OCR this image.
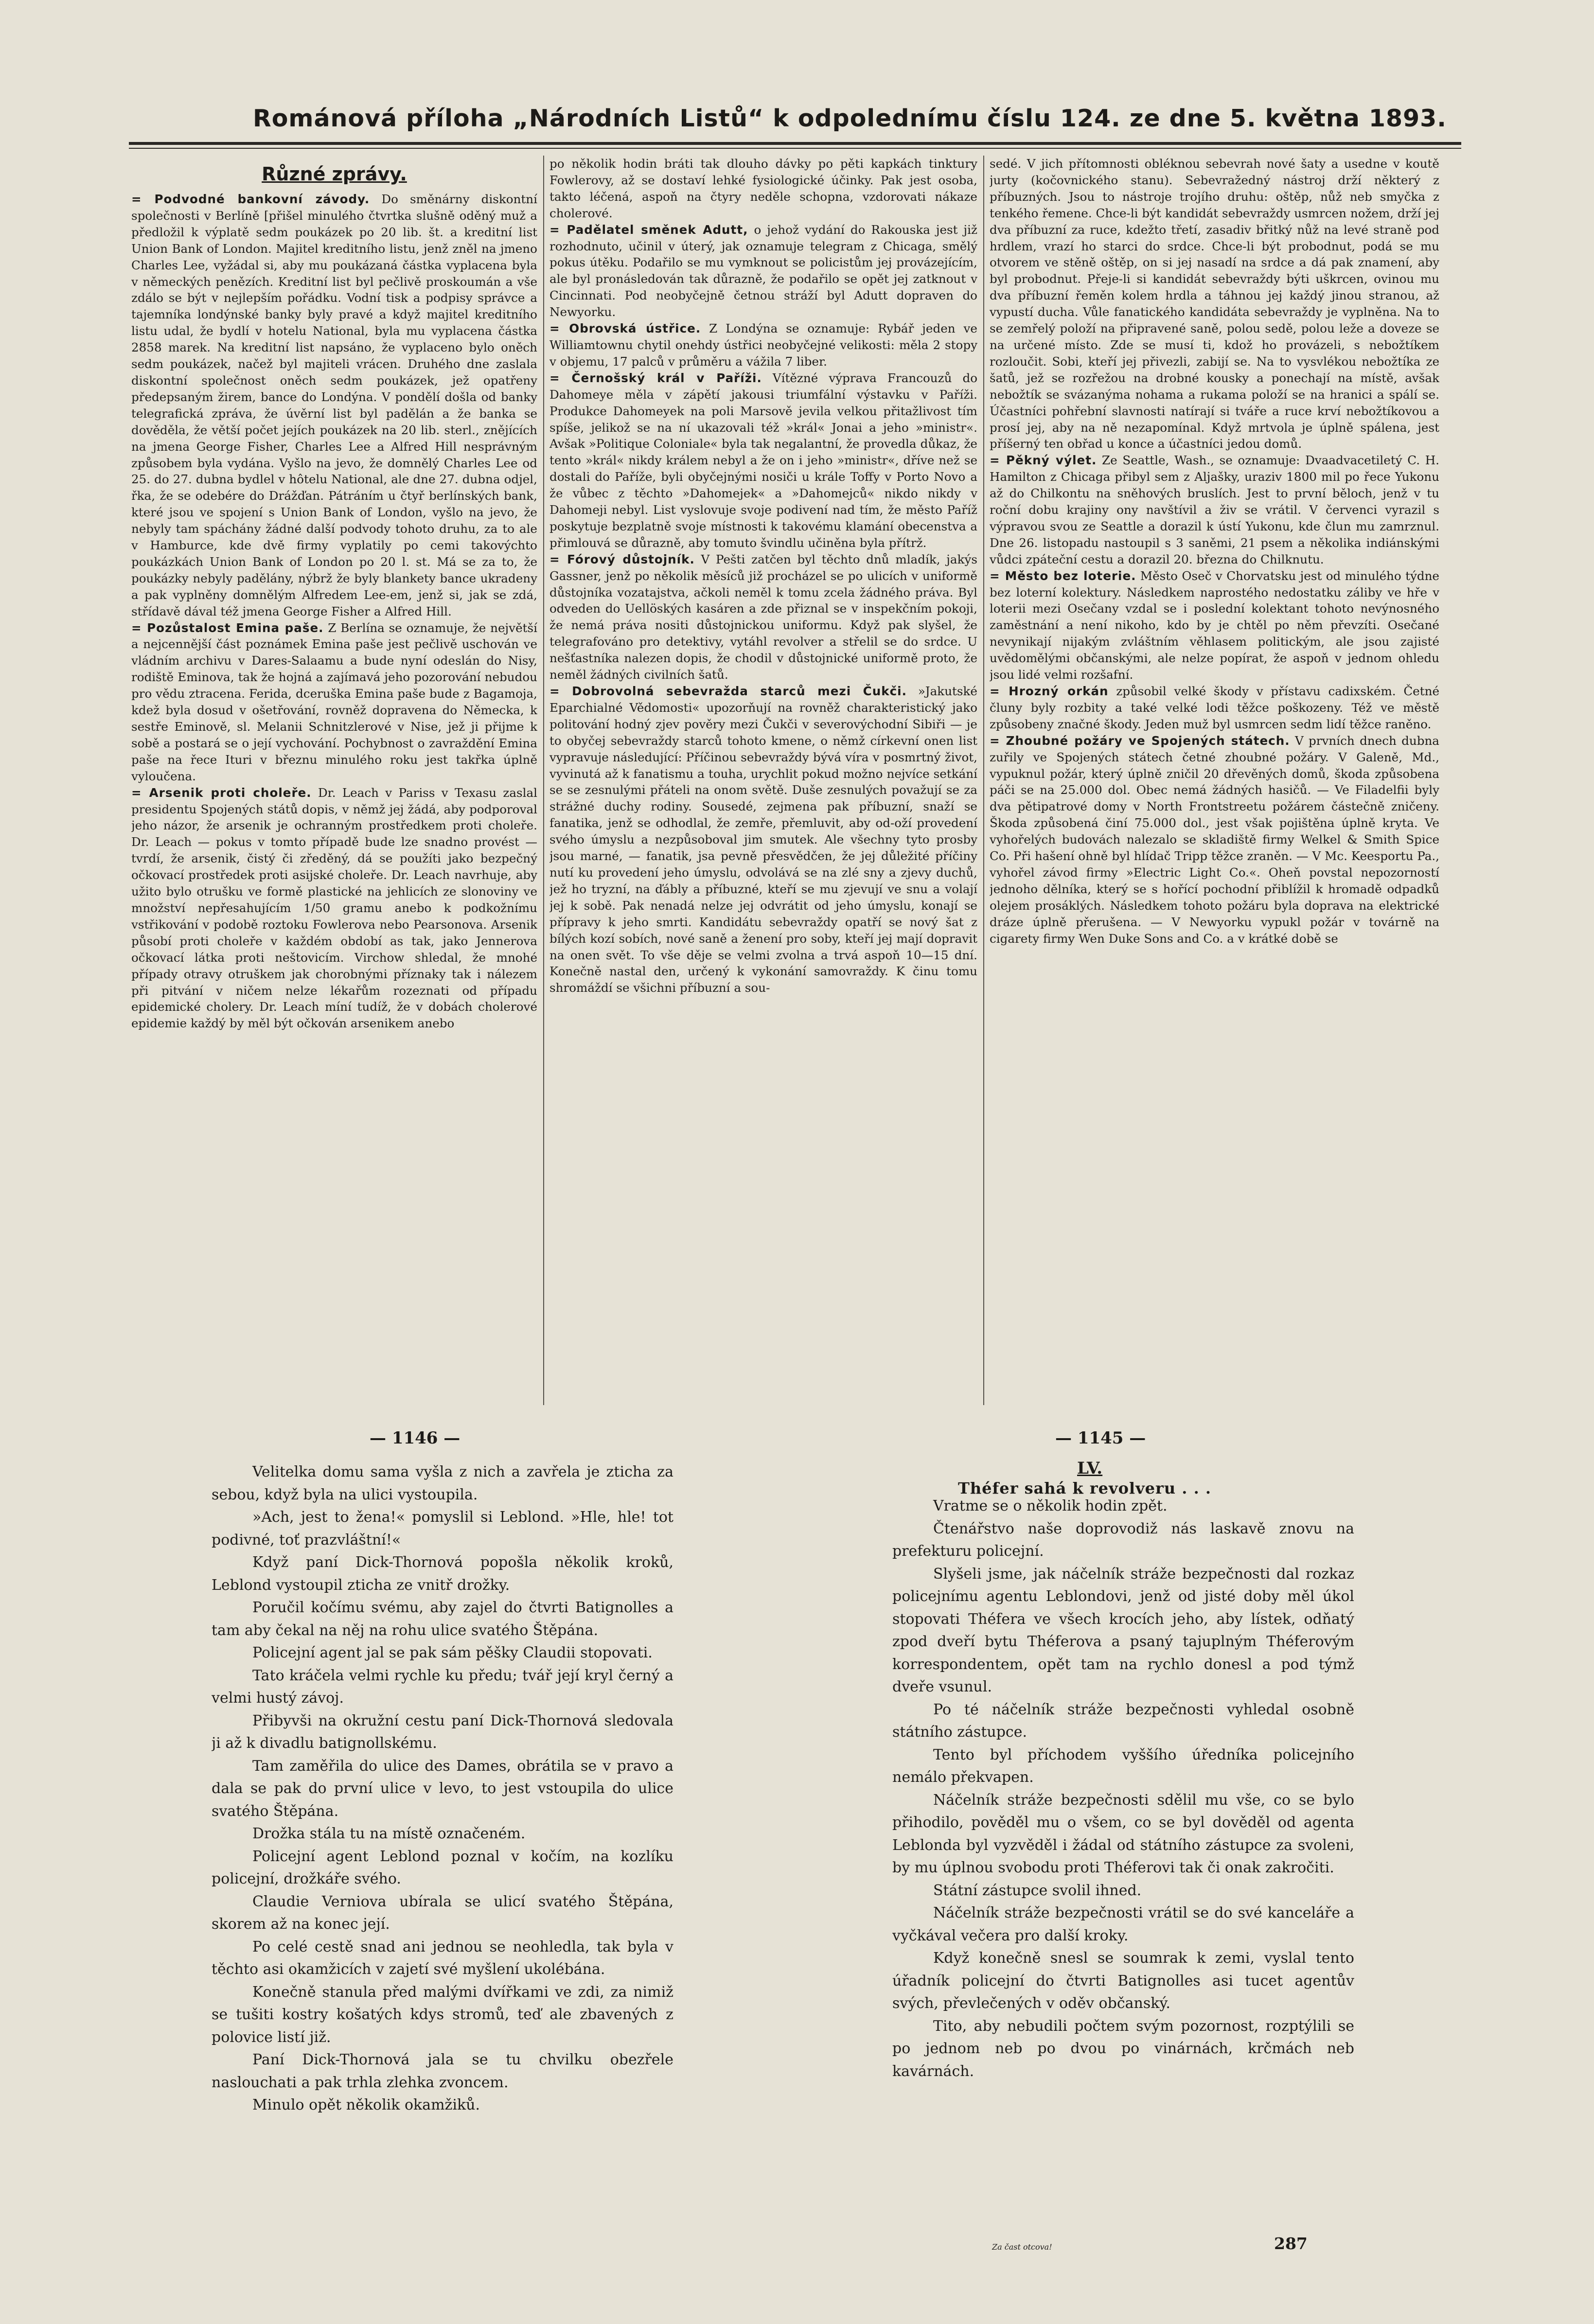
Románová příloha „Národních Listů“ k odpolednímu číslu 124. ze dne 5. května 1893.
Různé zprávy.

= Podvodné bankovní závody. Do směnárny diskontní společnosti v Berlíně [přišel minulého čtvrtka slušně oděný muž a předložil k výplatě sedm poukázek po 20 lib. št. a kreditní list Union Bank of London. Majitel kreditního listu, jenž zněl na jmeno Charles Lee, vyžádal si, aby mu poukázaná částka vyplacena byla v německých penězích. Kreditní list byl pečlivě proskoumán a vše zdálo se být v nejlepším pořádku. Vodní tisk a podpisy správce a tajemníka londýnské banky byly pravé a když majitel kreditního listu udal, že bydlí v hotelu National, byla mu vyplacena částka 2858 marek. Na kreditní list napsáno, že vyplaceno bylo oněch sedm poukázek, načež byl majiteli vrácen. Druhého dne zaslala diskontní společnost oněch sedm poukázek, jež opatřeny předepsaným žirem, bance do Londýna. V pondělí došla od banky telegrafická zpráva, že úvěrní list byl padělán a že banka se dověděla, že větší počet jejích poukázek na 20 lib. sterl., znějících na jmena George Fisher, Charles Lee a Alfred Hill nesprávným způsobem byla vydána. Vyšlo na jevo, že domnělý Charles Lee od 25. do 27. dubna bydlel v hôtelu National, ale dne 27. dubna odjel, řka, že se odebére do Drážďan. Pátráním u čtyř berlínských bank, které jsou ve spojení s Union Bank of London, vyšlo na jevo, že nebyly tam spáchány žádné další podvody tohoto druhu, za to ale v Hamburce, kde dvě firmy vyplatily po cemi takovýchto poukázkách Union Bank of London po 20 l. st. Má se za to, že poukázky nebyly padělány, nýbrž že byly blankety bance ukradeny a pak vyplněny domnělým Alfredem Lee-em, jenž si, jak se zdá, střídavě dával též jmena George Fisher a Alfred Hill.

= Pozůstalost Emina paše. Z Berlína se oznamuje, že největší a nejcennější část poznámek Emina paše jest pečlivě uschován ve vládním archivu v Dares-Salaamu a bude nyní odeslán do Nisy, rodiště Eminova, tak že hojná a zajímavá jeho pozorování nebudou pro vědu ztracena. Ferida, dceruška Emina paše bude z Bagamoja, kdež byla dosud v ošetřování, rovněž dopravena do Německa, k sestře Eminově, sl. Melanii Schnitzlerové v Nise, jež ji přijme k sobě a postará se o její vychování. Pochybnost o zavraždění Emina paše na řece Ituri v březnu minulého roku jest takřka úplně vyloučena.

= Arsenik proti choleře. Dr. Leach v Pariss v Texasu zaslal presidentu Spojených států dopis, v němž jej žádá, aby podporoval jeho názor, že arsenik je ochranným prostředkem proti choleře. Dr. Leach — pokus v tomto případě bude lze snadno provést — tvrdí, že arsenik, čistý či zředěný, dá se použíti jako bezpečný očkovací prostředek proti asijské choleře. Dr. Leach navrhuje, aby užito bylo otrušku ve formě plastické na jehlicích ze slonoviny ve množství nepřesahujícím 1/50 gramu anebo k podkožnímu vstřikování v podobě roztoku Fowlerova nebo Pearsonova. Arsenik působí proti choleře v každém období as tak, jako Jennerova očkovací látka proti neštovicím. Virchow shledal, že mnohé případy otravy otruškem jak chorobnými příznaky tak i nálezem při pitvání v ničem nelze lékařům rozeznati od případu epidemické cholery. Dr. Leach míní tudíž, že v dobách cholerové epidemie každý by měl být očkován arsenikem anebo

po několik hodin bráti tak dlouho dávky po pěti kapkách tinktury Fowlerovy, až se dostaví lehké fysiologické účinky. Pak jest osoba, takto léčená, aspoň na čtyry neděle schopna, vzdorovati nákaze cholerové.

= Padělatel směnek Adutt, o jehož vydání do Rakouska jest již rozhodnuto, učinil v úterý, jak oznamuje telegram z Chicaga, smělý pokus útěku. Podařilo se mu vymknout se policistům jej provázejícím, ale byl pronásledován tak důrazně, že podařilo se opět jej zatknout v Cincinnati. Pod neobyčejně četnou stráží byl Adutt dopraven do Newyorku.

= Obrovská ústřice. Z Londýna se oznamuje: Rybář jeden ve Williamtownu chytil onehdy ústřici neobyčejné velikosti: měla 2 stopy v objemu, 17 palců v průměru a vážila 7 liber.

= Černošský král v Paříži. Vítězné výprava Francouzů do Dahomeye měla v zápětí jakousi triumfální výstavku v Paříži. Produkce Dahomeyek na poli Marsově jevila velkou přitažlivost tím spíše, jelikož se na ní ukazovali též »král« Jonai a jeho »ministr«. Avšak »Politique Coloniale« byla tak negalantní, že provedla důkaz, že tento »král« nikdy králem nebyl a že on i jeho »ministr«, dříve než se dostali do Paříže, byli obyčejnými nosiči u krále Toffy v Porto Novo a že vůbec z těchto »Dahomejek« a »Dahomejců« nikdo nikdy v Dahomeji nebyl. List vyslovuje svoje podivení nad tím, že město Paříž poskytuje bezplatně svoje místnosti k takovému klamání obecenstva a přimlouvá se důrazně, aby tomuto švindlu učiněna byla přítrž.

= Fórový důstojník. V Pešti zatčen byl těchto dnů mladík, jakýs Gassner, jenž po několik měsíců již procházel se po ulicích v uniformě důstojníka vozatajstva, ačkoli neměl k tomu zcela žádného práva. Byl odveden do Uellöských kasáren a zde přiznal se v inspekčním pokoji, že nemá práva nositi důstojnickou uniformu. Když pak slyšel, že telegrafováno pro detektivy, vytáhl revolver a střelil se do srdce. U nešťastníka nalezen dopis, že chodil v důstojnické uniformě proto, že neměl žádných civilních šatů.

= Dobrovolná sebevražda starců mezi Čukči. »Jakutské Eparchialné Vědomosti« upozorňují na rovněž charakteristický jako politování hodný zjev pověry mezi Čukči v severovýchodní Sibiři — je to obyčej sebevraždy starců tohoto kmene, o němž církevní onen list vypravuje následující: Příčinou sebevraždy bývá víra v posmrtný život, vyvinutá až k fanatismu a touha, urychlit pokud možno nejvíce setkání se se zesnulými přáteli na onom světě. Duše zesnulých považují se za strážné duchy rodiny. Sousedé, zejmena pak příbuzní, snaží se fanatika, jenž se odhodlal, že zemře, přemluvit, aby od-oží provedení svého úmyslu a nezpůsoboval jim smutek. Ale všechny tyto prosby jsou marné, — fanatik, jsa pevně přesvědčen, že jej důležité příčiny nutí ku provedení jeho úmyslu, odvolává se na zlé sny a zjevy duchů, jež ho tryzní, na ďábly a příbuzné, kteří se mu zjevují ve snu a volají jej k sobě. Pak nenadá nelze jej odvrátit od jeho úmyslu, konají se přípravy k jeho smrti. Kandidátu sebevraždy opatří se nový šat z bílých kozí sobích, nové saně a ženení pro soby, kteří jej mají dopravit na onen svět. To vše děje se velmi zvolna a trvá aspoň 10—15 dní. Konečně nastal den, určený k vykonání samovraždy. K činu tomu shromáždí se všichni příbuzní a sou-

sedé. V jich přítomnosti obléknou sebevrah nové šaty a usedne v koutě jurty (kočovnického stanu). Sebevražedný nástroj drží některý z příbuzných. Jsou to nástroje trojího druhu: oštěp, nůž neb smyčka z tenkého řemene. Chce-li být kandidát sebevraždy usmrcen nožem, drží jej dva příbuzní za ruce, kdežto třetí, zasadiv břitký nůž na levé straně pod hrdlem, vrazí ho starci do srdce. Chce-li být probodnut, podá se mu otvorem ve stěně oštěp, on si jej nasadí na srdce a dá pak znamení, aby byl probodnut. Přeje-li si kandidát sebevraždy býti uškrcen, ovinou mu dva příbuzní řeměn kolem hrdla a táhnou jej každý jinou stranou, až vypustí ducha. Vůle fanatického kandidáta sebevraždy je vyplněna. Na to se zemřelý položí na připravené saně, polou sedě, polou leže a doveze se na určené místo. Zde se musí ti, kdož ho provázeli, s nebožtíkem rozloučit. Sobi, kteří jej přivezli, zabijí se. Na to vysvlékou nebožtíka ze šatů, jež se rozřežou na drobné kousky a ponechají na místě, avšak nebožtík se svázanýma nohama a rukama položí se na hranici a spálí se. Účastníci pohřební slavnosti natírají si tváře a ruce krví nebožtíkovou a prosí jej, aby na ně nezapomínal. Když mrtvola je úplně spálena, jest příšerný ten obřad u konce a účastníci jedou domů.

= Pěkný výlet. Ze Seattle, Wash., se oznamuje: Dvaadvacetiletý C. H. Hamilton z Chicaga přibyl sem z Aljašky, uraziv 1800 mil po řece Yukonu až do Chilkontu na sněhových bruslích. Jest to první běloch, jenž v tu roční dobu krajiny ony navštívil a živ se vrátil. V červenci vyrazil s výpravou svou ze Seattle a dorazil k ústí Yukonu, kde člun mu zamrznul. Dne 26. listopadu nastoupil s 3 saněmi, 21 psem a několika indiánskými vůdci zpáteční cestu a dorazil 20. března do Chilknutu.

= Město bez loterie. Město Oseč v Chorvatsku jest od minulého týdne bez loterní kolektury. Následkem naprostého nedostatku záliby ve hře v loterii mezi Osečany vzdal se i poslední kolektant tohoto nevýnosného zaměstnání a není nikoho, kdo by je chtěl po něm převzíti. Osečané nevynikají nijakým zvláštním věhlasem politickým, ale jsou zajisté uvědomělými občanskými, ale nelze popírat, že aspoň v jednom ohledu jsou lidé velmi rozšafní.

= Hrozný orkán způsobil velké škody v přístavu cadixském. Četné čluny byly rozbity a také velké lodi těžce poškozeny. Též ve městě způsobeny značné škody. Jeden muž byl usmrcen sedm lidí těžce raněno.

= Zhoubné požáry ve Spojených státech. V prvních dnech dubna zuřily ve Spojených státech četné zhoubné požáry. V Galeně, Md., vypuknul požár, který úplně zničil 20 dřevěných domů, škoda způsobena páči se na 25.000 dol. Obec nemá žádných hasičů. — Ve Filadelfii byly dva pětipatrové domy v North Frontstreetu požárem částečně zničeny. Škoda způsobená činí 75.000 dol., jest však pojištěna úplně kryta. Ve vyhořelých budovách nalezalo se skladiště firmy Welkel & Smith Spice Co. Při hašení ohně byl hlídač Tripp těžce zraněn. — V Mc. Keesportu Pa., vyhořel závod firmy »Electric Light Co.«. Oheň povstal nepozorností jednoho dělníka, který se s hořící pochodní přiblížil k hromadě odpadků olejem prosáklých. Následkem tohoto požáru byla doprava na elektrické dráze úplně přerušena. — V Newyorku vypukl požár v továrně na cigarety firmy Wen Duke Sons and Co. a v krátké době se

— 1146 —	— 1145 —

Velitelka domu sama vyšla z nich a zavřela je zticha za sebou, když byla na ulici vystoupila.

»Ach, jest to žena!« pomyslil si Leblond. »Hle, hle! tot podivné, toť prazvláštní!«

Když paní Dick-Thornová popošla několik kroků, Leblond vystoupil zticha ze vnitř drožky.

Poručil kočímu svému, aby zajel do čtvrti Batignolles a tam aby čekal na něj na rohu ulice svatého Štěpána.

Policejní agent jal se pak sám pěšky Claudii stopovati.

Tato kráčela velmi rychle ku předu; tvář její kryl černý a velmi hustý závoj.

Přibyvši na okružní cestu paní Dick-Thornová sledovala ji až k divadlu batignollskému.

Tam zaměřila do ulice des Dames, obrátila se v pravo a dala se pak do první ulice v levo, to jest vstoupila do ulice svatého Štěpána.

Drožka stála tu na místě označeném.

Policejní agent Leblond poznal v kočím, na kozlíku policejní, drožkáře svého.

Claudie Verniova ubírala se ulicí svatého Štěpána, skorem až na konec její.

Po celé cestě snad ani jednou se neohledla, tak byla v těchto asi okamžicích v zajetí své myšlení ukolébána.

Konečně stanula před malými dvířkami ve zdi, za nimiž se tušiti kostry košatých kdys stromů, teď ale zbavených z polovice listí již.

Paní Dick-Thornová jala se tu chvilku obezřele naslouchati a pak trhla zlehka zvoncem.

Minulo opět několik okamžiků.

LV.
Théfer sahá k revolveru . . .

Vratme se o několik hodin zpět.

Čtenářstvo naše doprovodiž nás laskavě znovu na prefekturu policejní.

Slyšeli jsme, jak náčelník stráže bezpečnosti dal rozkaz policejnímu agentu Leblondovi, jenž od jisté doby měl úkol stopovati Théfera ve všech krocích jeho, aby lístek, odňatý zpod dveří bytu Théferova a psaný tajuplným Théferovým korrespondentem, opět tam na rychlo donesl a pod týmž dveře vsunul.

Po té náčelník stráže bezpečnosti vyhledal osobně státního zástupce.

Tento byl příchodem vyššího úředníka policejního nemálo překvapen.

Náčelník stráže bezpečnosti sdělil mu vše, co se bylo přihodilo, pověděl mu o všem, co se byl dověděl od agenta Leblonda byl vyzvěděl i žádal od státního zástupce za svoleni, by mu úplnou svobodu proti Théferovi tak či onak zakročiti.

Státní zástupce svolil ihned.

Náčelník stráže bezpečnosti vrátil se do své kanceláře a vyčkával večera pro další kroky.

Když konečně snesl se soumrak k zemi, vyslal tento úřadník policejní do čtvrti Batignolles asi tucet agentův svých, převlečených v oděv občanský.

Tito, aby nebudili počtem svým pozornost, rozptýlili se po jednom neb po dvou po vinárnách, krčmách neb kavárnách.

Za čast otcova!	287
